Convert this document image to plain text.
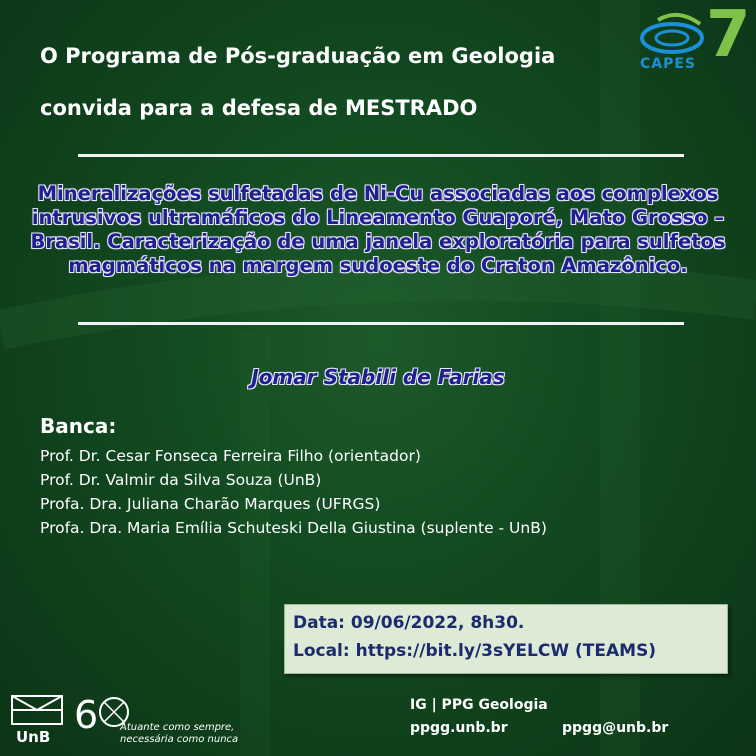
O Programa de Pós-graduação em Geologia
convida para a defesa de MESTRADO
CAPES 7
Mineralizações sulfetadas de Ni-Cu associadas aos complexos intrusivos ultramáficos do Lineamento Guaporé, Mato Grosso – Brasil. Caracterização de uma janela exploratória para sulfetos magmáticos na margem sudoeste do Craton Amazônico.
Jomar Stabili de Farias
Banca:
Prof. Dr. Cesar Fonseca Ferreira Filho (orientador)
Prof. Dr. Valmir da Silva Souza (UnB)
Profa. Dra. Juliana Charão Marques (UFRGS)
Profa. Dra. Maria Emília Schuteski Della Giustina (suplente - UnB)
Data: 09/06/2022, 8h30.
Local: https://bit.ly/3sYELCW (TEAMS)
UnB 6 Atuante como sempre,
necessária como nunca
IG | PPG Geologia
ppgg.unb.br	ppgg@unb.br
